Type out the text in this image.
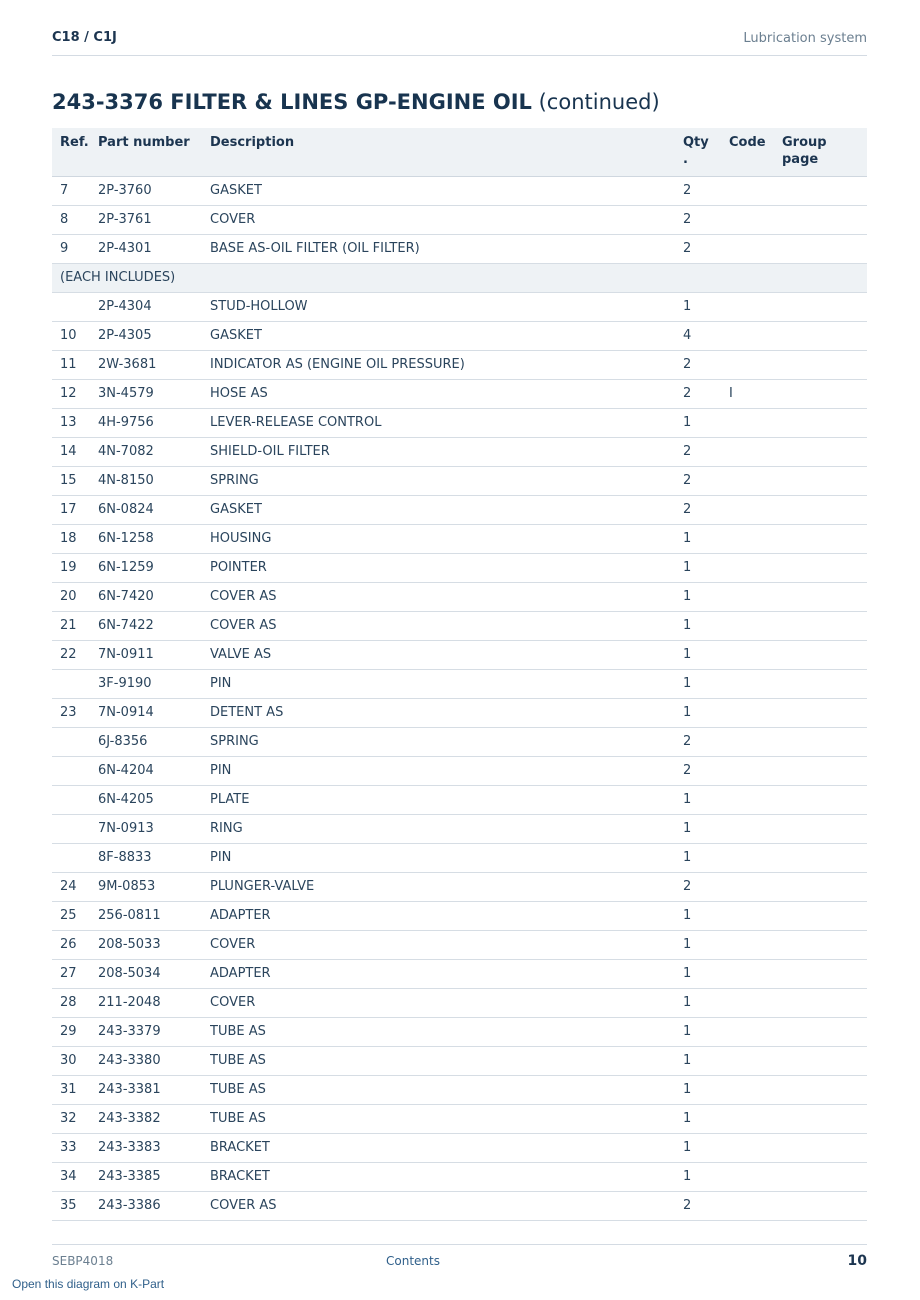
C18 / C1J	Lubrication system
243-3376 FILTER & LINES GP-ENGINE OIL (continued)
Ref.	Part number	Description	Qty .	Code	Group page

7	2P-3760	GASKET	2		
8	2P-3761	COVER	2		
9	2P-4301	BASE AS-OIL FILTER (OIL FILTER)	2		
(EACH INCLUDES)					
	2P-4304	STUD-HOLLOW	1		
10	2P-4305	GASKET	4		
11	2W-3681	INDICATOR AS (ENGINE OIL PRESSURE)	2		
12	3N-4579	HOSE AS	2	I	
13	4H-9756	LEVER-RELEASE CONTROL	1		
14	4N-7082	SHIELD-OIL FILTER	2		
15	4N-8150	SPRING	2		
17	6N-0824	GASKET	2		
18	6N-1258	HOUSING	1		
19	6N-1259	POINTER	1		
20	6N-7420	COVER AS	1		
21	6N-7422	COVER AS	1		
22	7N-0911	VALVE AS	1		
	3F-9190	PIN	1		
23	7N-0914	DETENT AS	1		
	6J-8356	SPRING	2		
	6N-4204	PIN	2		
	6N-4205	PLATE	1		
	7N-0913	RING	1		
	8F-8833	PIN	1		
24	9M-0853	PLUNGER-VALVE	2		
25	256-0811	ADAPTER	1		
26	208-5033	COVER	1		
27	208-5034	ADAPTER	1		
28	211-2048	COVER	1		
29	243-3379	TUBE AS	1		
30	243-3380	TUBE AS	1		
31	243-3381	TUBE AS	1		
32	243-3382	TUBE AS	1		
33	243-3383	BRACKET	1		
34	243-3385	BRACKET	1		
35	243-3386	COVER AS	2		
SEBP4018	Contents	10
Open this diagram on K-Part
